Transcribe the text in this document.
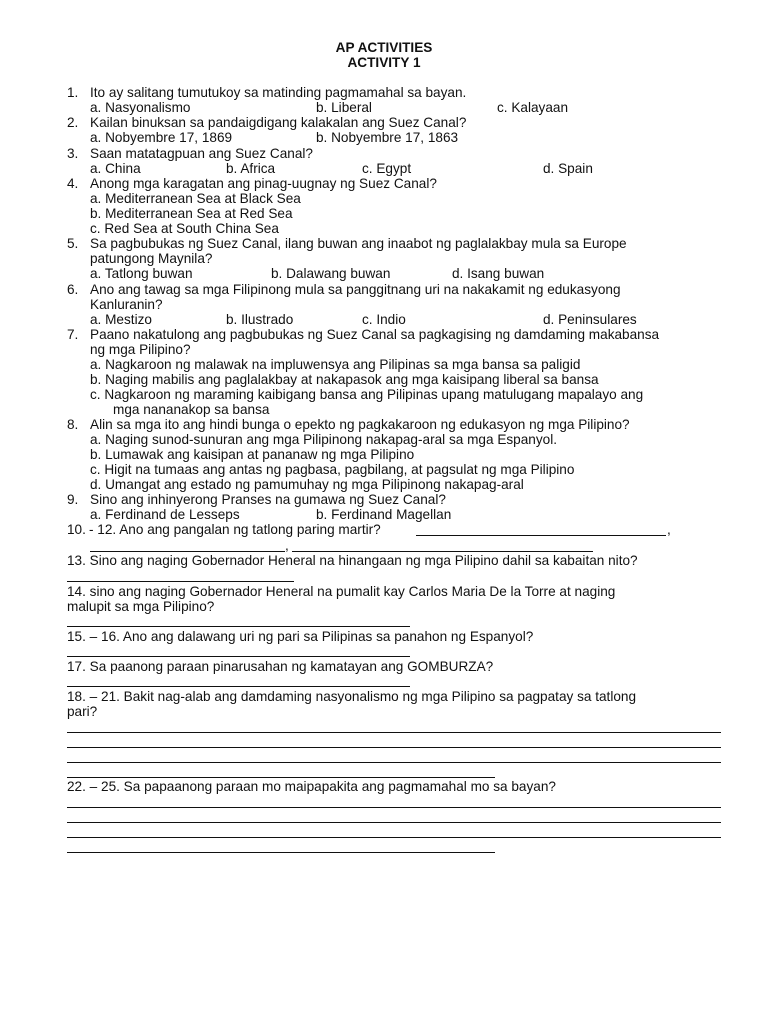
AP ACTIVITIES
ACTIVITY 1
1. Ito ay salitang tumutukoy sa matinding pagmamahal sa bayan.
a. Nasyonalismo	b. Liberal	c. Kalayaan
2. Kailan binuksan sa pandaigdigang kalakalan ang Suez Canal?
a. Nobyembre 17, 1869	b. Nobyembre 17, 1863
3. Saan matatagpuan ang Suez Canal?
a. China	b. Africa	c. Egypt	d. Spain
4. Anong mga karagatan ang pinag-uugnay ng Suez Canal?
a. Mediterranean Sea at Black Sea
b. Mediterranean Sea at Red Sea
c. Red Sea at South China Sea
5. Sa pagbubukas ng Suez Canal, ilang buwan ang inaabot ng paglalakbay mula sa Europe
patungong Maynila?
a. Tatlong buwan	b. Dalawang buwan	d. Isang buwan
6. Ano ang tawag sa mga Filipinong mula sa panggitnang uri na nakakamit ng edukasyong
Kanluranin?
a. Mestizo	b. Ilustrado	c. Indio	d. Peninsulares
7. Paano nakatulong ang pagbubukas ng Suez Canal sa pagkagising ng damdaming makabansa
ng mga Pilipino?
a. Nagkaroon ng malawak na impluwensya ang Pilipinas sa mga bansa sa paligid
b. Naging mabilis ang paglalakbay at nakapasok ang mga kaisipang liberal sa bansa
c. Nagkaroon ng maraming kaibigang bansa ang Pilipinas upang matulugang mapalayo ang
mga nananakop sa bansa
8. Alin sa mga ito ang hindi bunga o epekto ng pagkakaroon ng edukasyon ng mga Pilipino?
a. Naging sunod-sunuran ang mga Pilipinong nakapag-aral sa mga Espanyol.
b. Lumawak ang kaisipan at pananaw ng mga Pilipino
c. Higit na tumaas ang antas ng pagbasa, pagbilang, at pagsulat ng mga Pilipino
d. Umangat ang estado ng pamumuhay ng mga Pilipinong nakapag-aral
9. Sino ang inhinyerong Pranses na gumawa ng Suez Canal?
a. Ferdinand de Lesseps	b. Ferdinand Magellan
10. - 12. Ano ang pangalan ng tatlong paring martir?	,
,
13. Sino ang naging Gobernador Heneral na hinangaan ng mga Pilipino dahil sa kabaitan nito?
14. sino ang naging Gobernador Heneral na pumalit kay Carlos Maria De la Torre at naging
malupit sa mga Pilipino?
15. – 16. Ano ang dalawang uri ng pari sa Pilipinas sa panahon ng Espanyol?
17. Sa paanong paraan pinarusahan ng kamatayan ang GOMBURZA?
18. – 21. Bakit nag-alab ang damdaming nasyonalismo ng mga Pilipino sa pagpatay sa tatlong
pari?
22. – 25. Sa papaanong paraan mo maipapakita ang pagmamahal mo sa bayan?
